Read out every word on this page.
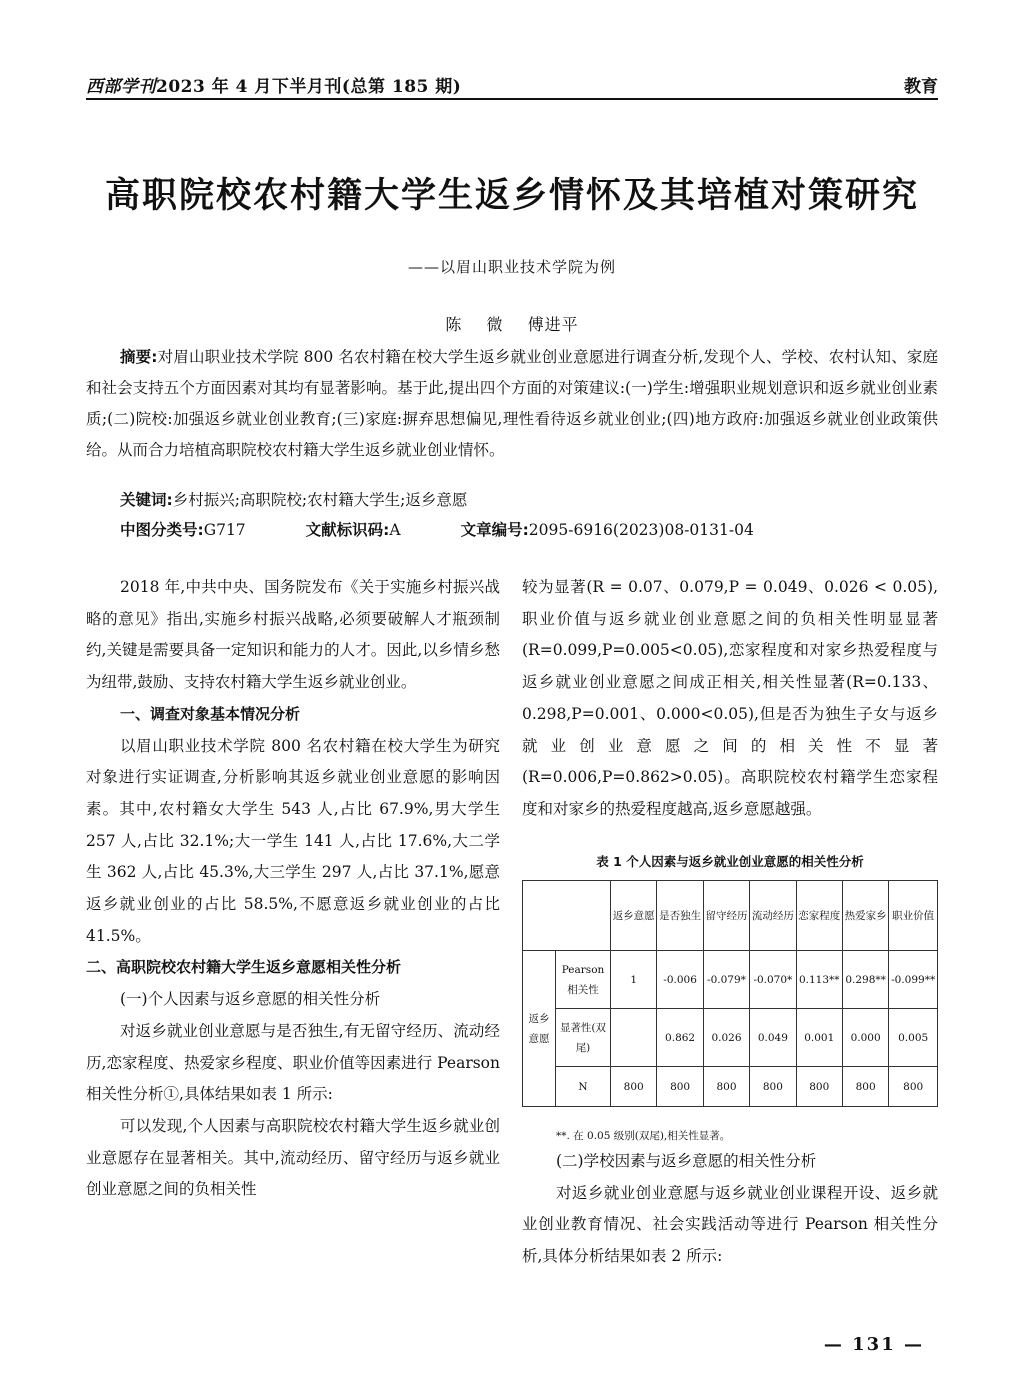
西部学刊2023 年 4 月下半月刊(总第 185 期)	教育
高职院校农村籍大学生返乡情怀及其培植对策研究
——以眉山职业技术学院为例
陈 微 傅进平
摘要:对眉山职业技术学院 800 名农村籍在校大学生返乡就业创业意愿进行调查分析,发现个人、学校、农村认知、家庭和社会支持五个方面因素对其均有显著影响。基于此,提出四个方面的对策建议:(一)学生:增强职业规划意识和返乡就业创业素质;(二)院校:加强返乡就业创业教育;(三)家庭:摒弃思想偏见,理性看待返乡就业创业;(四)地方政府:加强返乡就业创业政策供给。从而合力培植高职院校农村籍大学生返乡就业创业情怀。
关键词:乡村振兴;高职院校;农村籍大学生;返乡意愿
中图分类号:G717	文献标识码:A	文章编号:2095-6916(2023)08-0131-04

2018 年,中共中央、国务院发布《关于实施乡村振兴战略的意见》指出,实施乡村振兴战略,必须要破解人才瓶颈制约,关键是需要具备一定知识和能力的人才。因此,以乡情乡愁为纽带,鼓励、支持农村籍大学生返乡就业创业。

一、调查对象基本情况分析

以眉山职业技术学院 800 名农村籍在校大学生为研究对象进行实证调查,分析影响其返乡就业创业意愿的影响因素。其中,农村籍女大学生 543 人,占比 67.9%,男大学生 257 人,占比 32.1%;大一学生 141 人,占比 17.6%,大二学生 362 人,占比 45.3%,大三学生 297 人,占比 37.1%,愿意返乡就业创业的占比 58.5%,不愿意返乡就业创业的占比 41.5%。

二、高职院校农村籍大学生返乡意愿相关性分析

(一)个人因素与返乡意愿的相关性分析

对返乡就业创业意愿与是否独生,有无留守经历、流动经历,恋家程度、热爱家乡程度、职业价值等因素进行 Pearson 相关性分析①,具体结果如表 1 所示:

可以发现,个人因素与高职院校农村籍大学生返乡就业创业意愿存在显著相关。其中,流动经历、留守经历与返乡就业创业意愿之间的负相关性

较为显著(R = 0.07、0.079,P = 0.049、0.026 < 0.05),职业价值与返乡就业创业意愿之间的负相关性明显显著(R=0.099,P=0.005<0.05),恋家程度和对家乡热爱程度与返乡就业创业意愿之间成正相关,相关性显著(R=0.133、0.298,P=0.001、0.000<0.05),但是否为独生子女与返乡就业创业意愿之间的相关性不显著(R=0.006,P=0.862>0.05)。高职院校农村籍学生恋家程度和对家乡的热爱程度越高,返乡意愿越强。

表 1 个人因素与返乡就业创业意愿的相关性分析
		返乡意愿	是否独生	留守经历	流动经历	恋家程度	热爱家乡	职业价值
返乡意愿	Pearson相关性	1	-0.006	-0.079*	-0.070*	0.113**	0.298**	-0.099**
	显著性(双尾)		0.862	0.026	0.049	0.001	0.000	0.005
	N	800	800	800	800	800	800	800
**. 在 0.05 级别(双尾),相关性显著。

(二)学校因素与返乡意愿的相关性分析

对返乡就业创业意愿与返乡就业创业课程开设、返乡就业创业教育情况、社会实践活动等进行 Pearson 相关性分析,具体分析结果如表 2 所示:

— 131 —
